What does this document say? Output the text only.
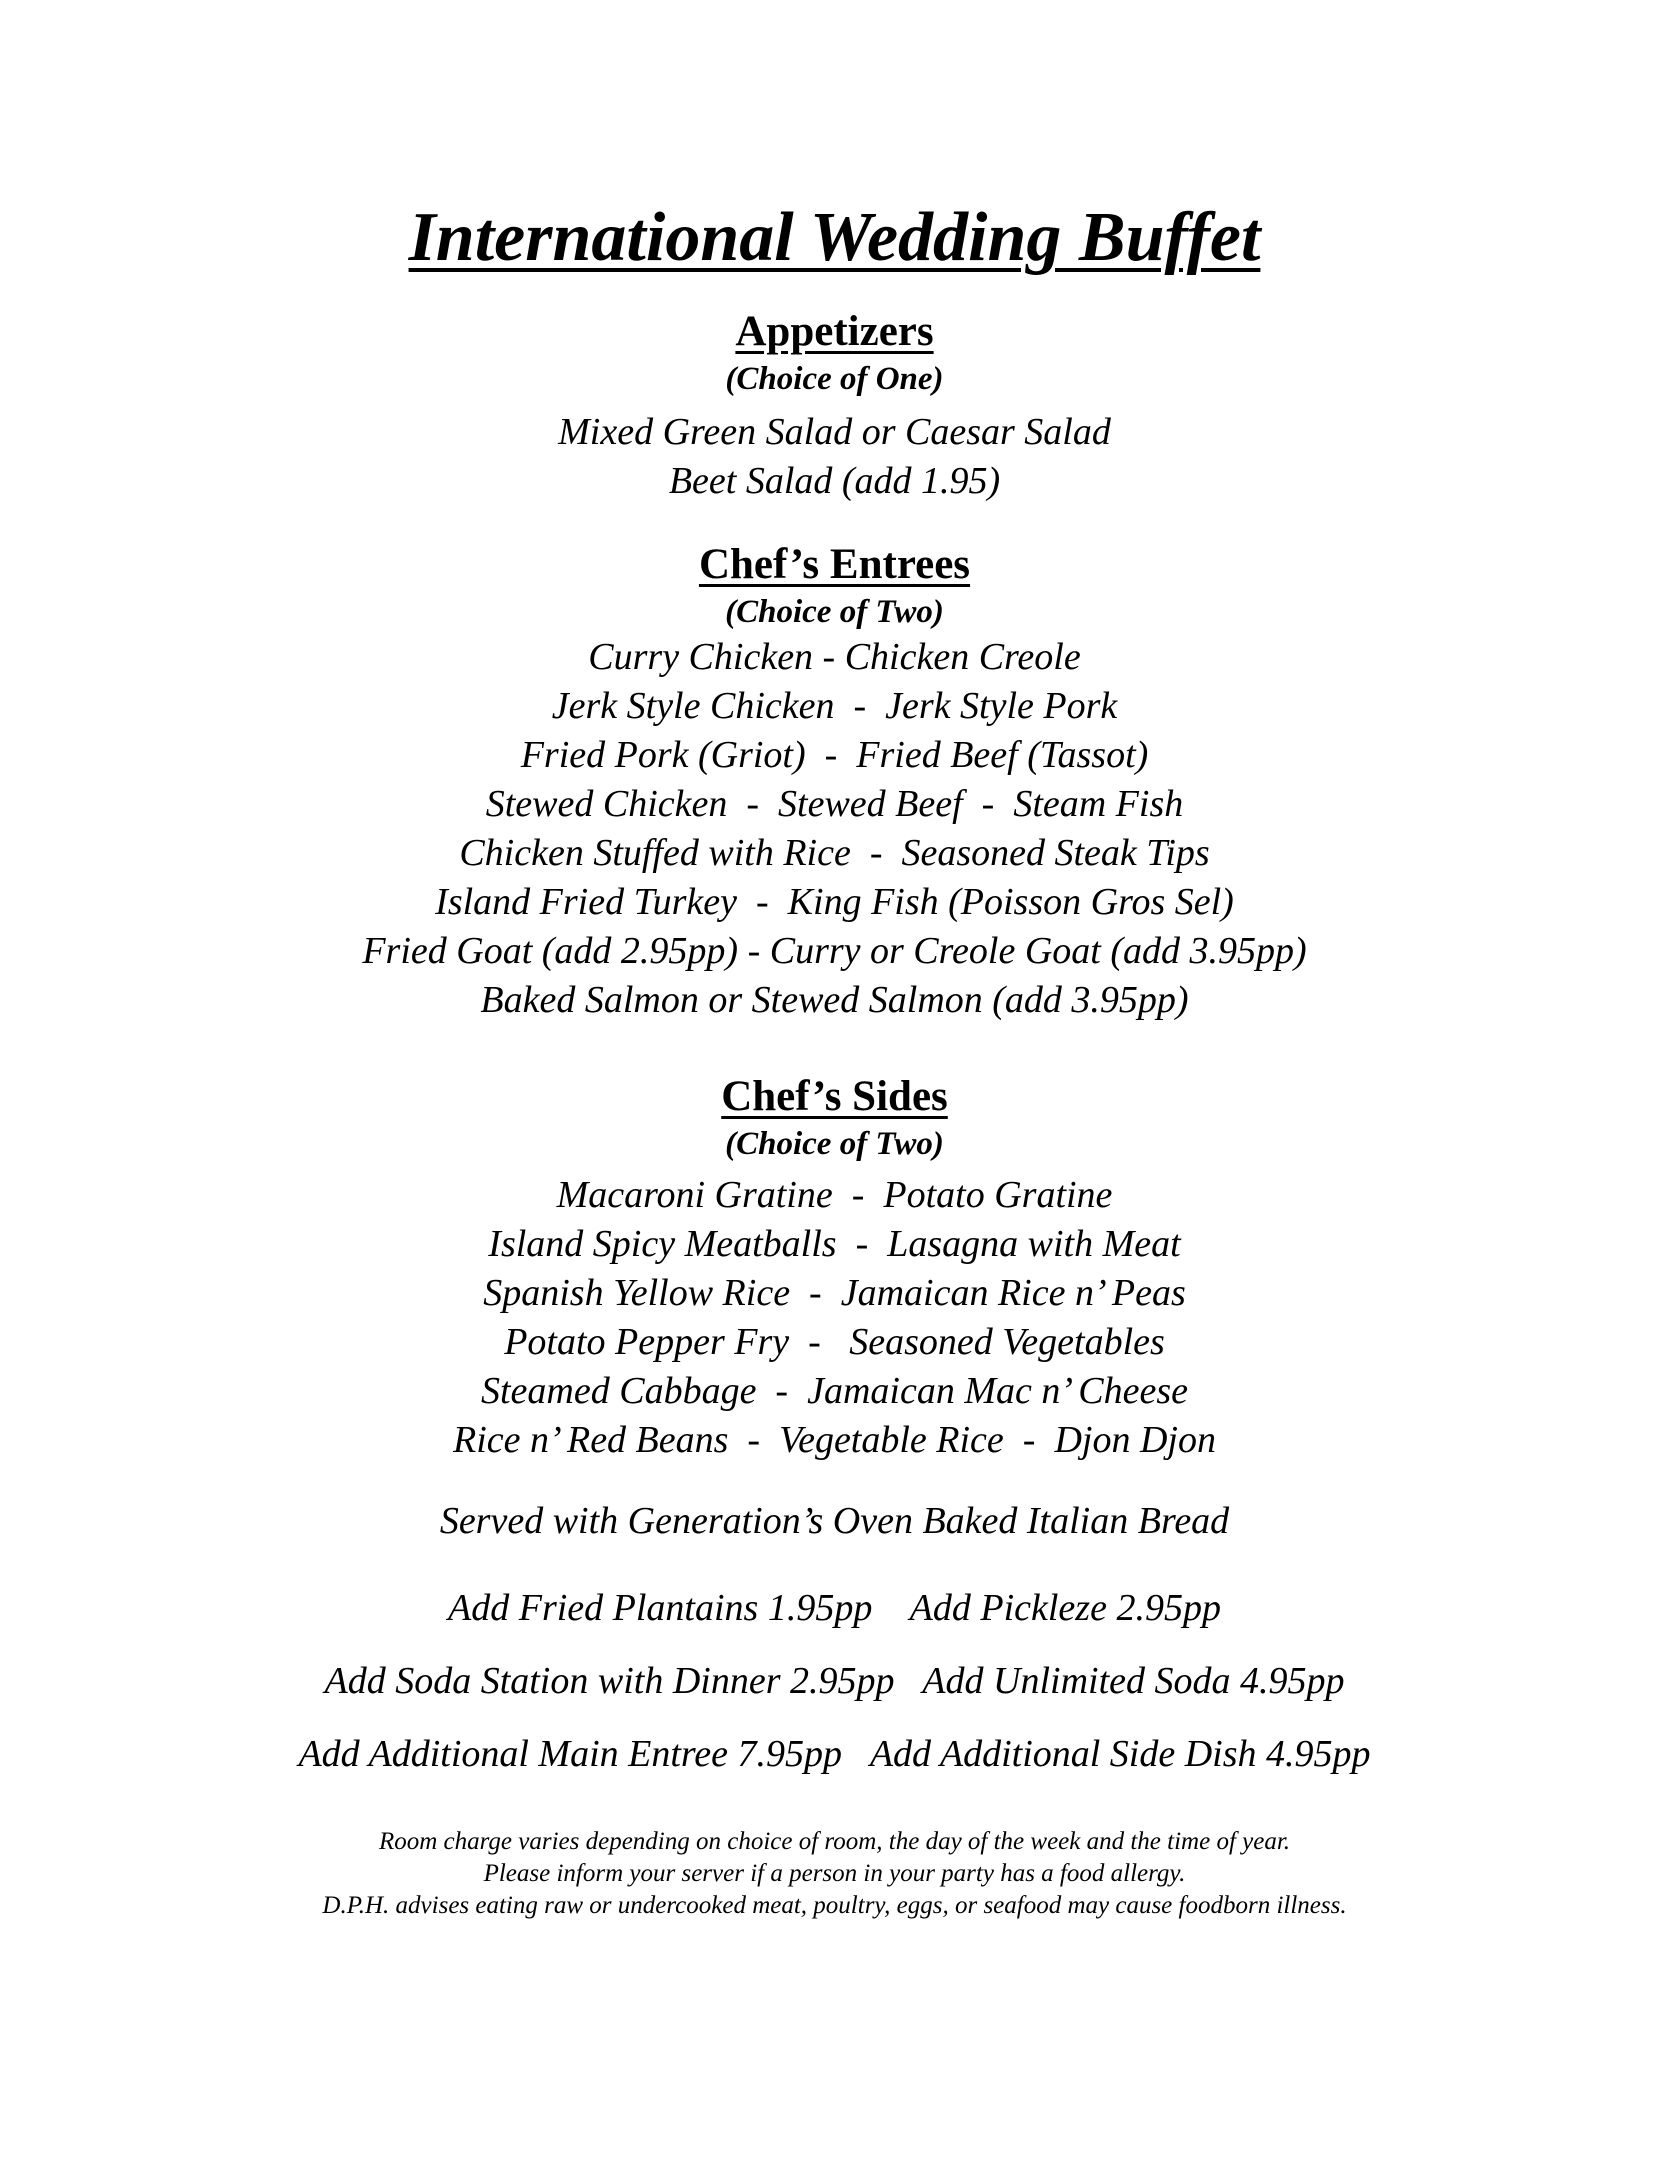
International Wedding Buffet
Appetizers

(Choice of One)

Mixed Green Salad or Caesar Salad
Beet Salad (add 1.95)
Chef’s Entrees

(Choice of Two)

Curry Chicken - Chicken Creole
Jerk Style Chicken  -  Jerk Style Pork
Fried Pork (Griot)  -  Fried Beef (Tassot)
Stewed Chicken  -  Stewed Beef  -  Steam Fish
Chicken Stuffed with Rice  -  Seasoned Steak Tips
Island Fried Turkey  -  King Fish (Poisson Gros Sel)
Fried Goat (add 2.95pp) - Curry or Creole Goat (add 3.95pp)
Baked Salmon or Stewed Salmon (add 3.95pp)
Chef’s Sides

(Choice of Two)

Macaroni Gratine  -  Potato Gratine
Island Spicy Meatballs  -  Lasagna with Meat
Spanish Yellow Rice  -  Jamaican Rice n’ Peas
Potato Pepper Fry  -   Seasoned Vegetables
Steamed Cabbage  -  Jamaican Mac n’ Cheese
Rice n’ Red Beans  -  Vegetable Rice  -  Djon Djon

Served with Generation’s Oven Baked Italian Bread

Add Fried Plantains 1.95pp    Add Pickleze 2.95pp

Add Soda Station with Dinner 2.95pp   Add Unlimited Soda 4.95pp

Add Additional Main Entree 7.95pp   Add Additional Side Dish 4.95pp

Room charge varies depending on choice of room, the day of the week and the time of year.

Please inform your server if a person in your party has a food allergy.

D.P.H. advises eating raw or undercooked meat, poultry, eggs, or seafood may cause foodborn illness.
